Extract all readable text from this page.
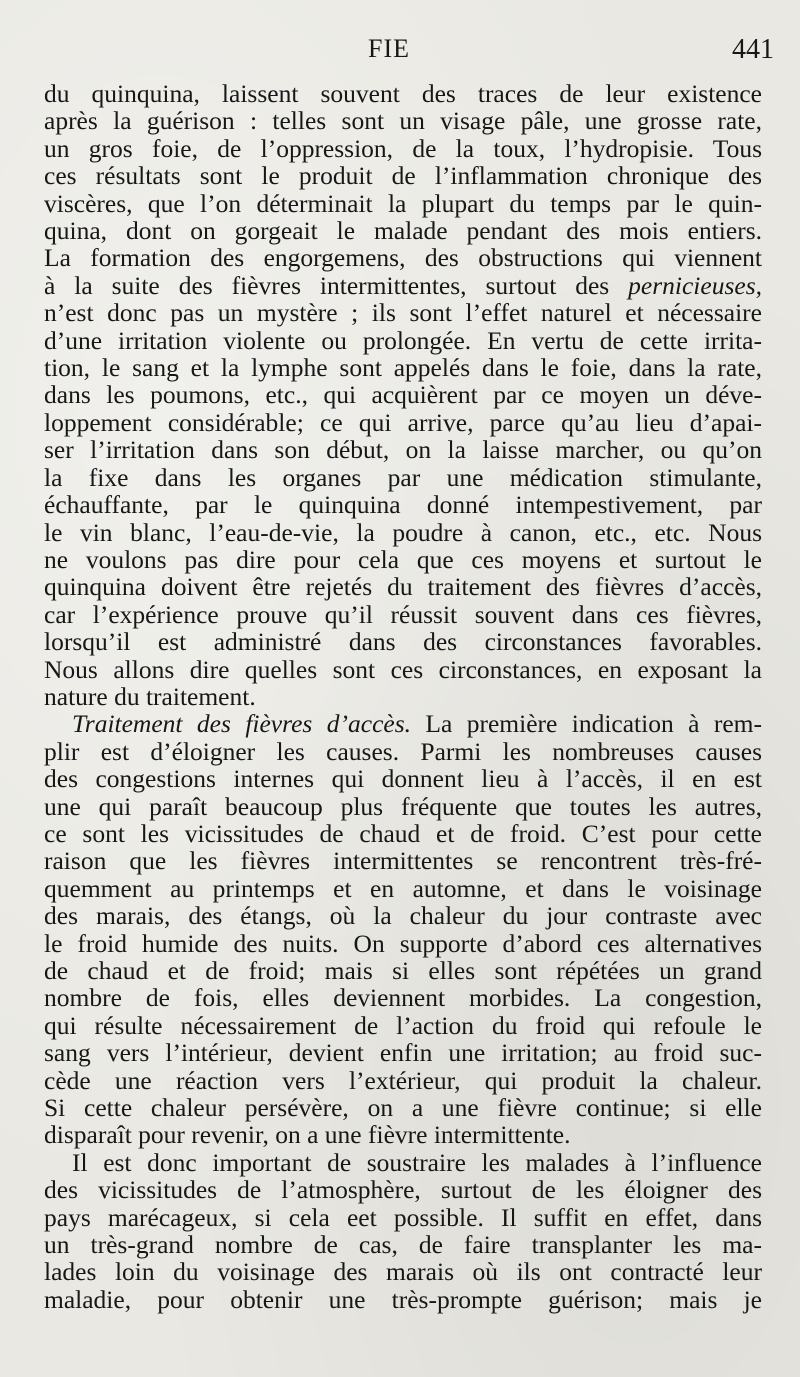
FIE	441

du quinquina, laissent souvent des traces de leur existence
après la guérison : telles sont un visage pâle, une grosse rate,
un gros foie, de l’oppression, de la toux, l’hydropisie. Tous
ces résultats sont le produit de l’inflammation chronique des
viscères, que l’on déterminait la plupart du temps par le quin-
quina, dont on gorgeait le malade pendant des mois entiers.
La formation des engorgemens, des obstructions qui viennent
à la suite des fièvres intermittentes, surtout des pernicieuses,
n’est donc pas un mystère ; ils sont l’effet naturel et nécessaire
d’une irritation violente ou prolongée. En vertu de cette irrita-
tion, le sang et la lymphe sont appelés dans le foie, dans la rate,
dans les poumons, etc., qui acquièrent par ce moyen un déve-
loppement considérable; ce qui arrive, parce qu’au lieu d’apai-
ser l’irritation dans son début, on la laisse marcher, ou qu’on
la fixe dans les organes par une médication stimulante,
échauffante, par le quinquina donné intempestivement, par
le vin blanc, l’eau-de-vie, la poudre à canon, etc., etc. Nous
ne voulons pas dire pour cela que ces moyens et surtout le
quinquina doivent être rejetés du traitement des fièvres d’accès,
car l’expérience prouve qu’il réussit souvent dans ces fièvres,
lorsqu’il est administré dans des circonstances favorables.
Nous allons dire quelles sont ces circonstances, en exposant la
nature du traitement.

Traitement des fièvres d’accès. La première indication à rem-
plir est d’éloigner les causes. Parmi les nombreuses causes
des congestions internes qui donnent lieu à l’accès, il en est
une qui paraît beaucoup plus fréquente que toutes les autres,
ce sont les vicissitudes de chaud et de froid. C’est pour cette
raison que les fièvres intermittentes se rencontrent très-fré-
quemment au printemps et en automne, et dans le voisinage
des marais, des étangs, où la chaleur du jour contraste avec
le froid humide des nuits. On supporte d’abord ces alternatives
de chaud et de froid; mais si elles sont répétées un grand
nombre de fois, elles deviennent morbides. La congestion,
qui résulte nécessairement de l’action du froid qui refoule le
sang vers l’intérieur, devient enfin une irritation; au froid suc-
cède une réaction vers l’extérieur, qui produit la chaleur.
Si cette chaleur persévère, on a une fièvre continue; si elle
disparaît pour revenir, on a une fièvre intermittente.

Il est donc important de soustraire les malades à l’influence
des vicissitudes de l’atmosphère, surtout de les éloigner des
pays marécageux, si cela eet possible. Il suffit en effet, dans
un très-grand nombre de cas, de faire transplanter les ma-
lades loin du voisinage des marais où ils ont contracté leur
maladie, pour obtenir une très-prompte guérison; mais je
